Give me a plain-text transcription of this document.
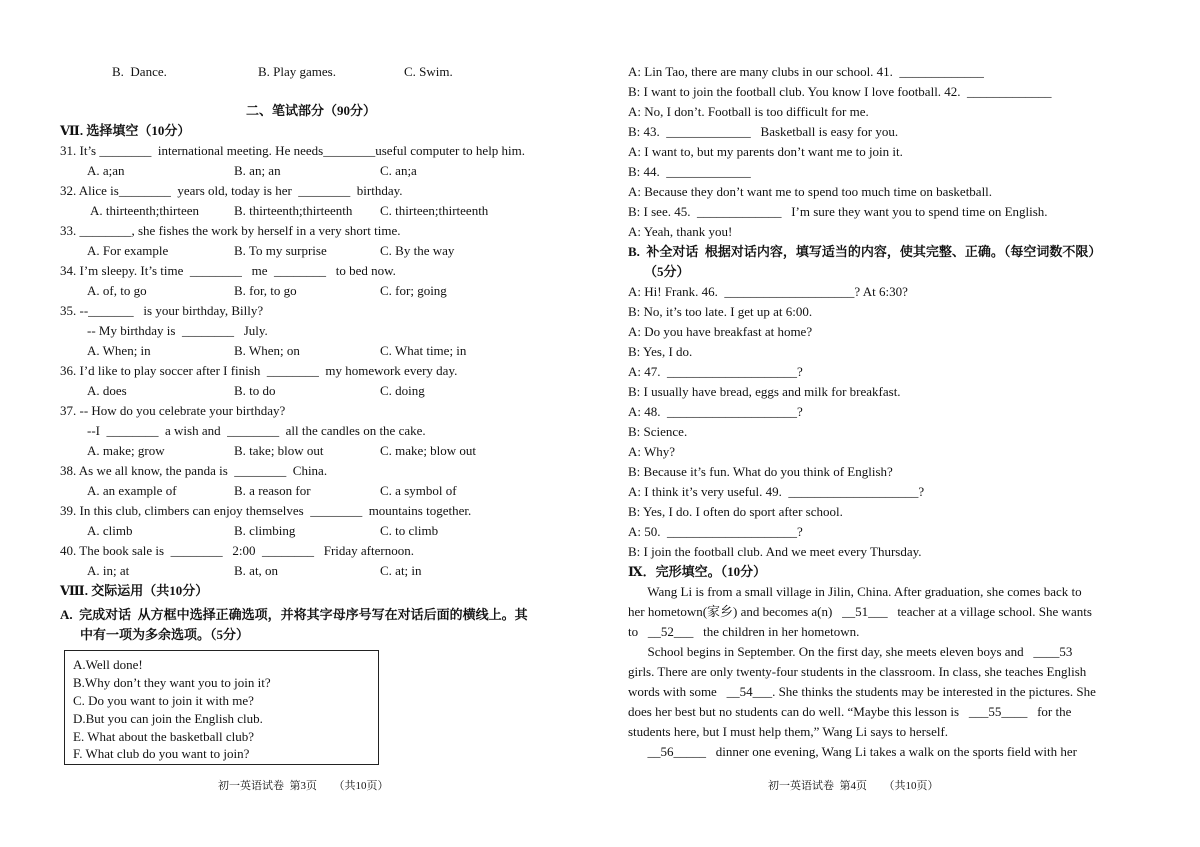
B.  Dance.	B. Play games.	C. Swim.
二、笔试部分（90分）
Ⅶ. 选择填空（10分）
31. It’s ________  international meeting. He needs________useful computer to help him.
A. a;an	B. an; an	C. an;a
32. Alice is________  years old, today is her  ________  birthday.
A. thirteenth;thirteen	B. thirteenth;thirteenth C. thirteen;thirteenth
33. ________, she fishes the work by herself in a very short time.
A. For example	B. To my surprise	C. By the way
34. I’m sleepy. It’s time  ________   me  ________   to bed now.
A. of, to go	B. for, to go	C. for; going
35. --_______   is your birthday, Billy?
-- My birthday is  ________   July.
A. When; in	B. When; on	C. What time; in
36. I’d like to play soccer after I finish  ________  my homework every day.
A. does	B. to do	C. doing
37. -- How do you celebrate your birthday?
--I  ________  a wish and  ________  all the candles on the cake.
A. make; grow	B. take; blow out	C. make; blow out
38. As we all know, the panda is  ________  China.
A. an example of	B. a reason for	C. a symbol of
39. In this club, climbers can enjoy themselves  ________  mountains together.
A. climb	B. climbing	C. to climb
40. The book sale is  ________   2:00  ________   Friday afternoon.
A. in; at	B. at, on	C. at; in
Ⅷ. 交际运用（共10分）
A.  完成对话  从方框中选择正确选项，并将其字母序号写在对话后面的横线上。其
中有一项为多余选项。（5分）
A.Well done!
B.Why don’t they want you to join it?
C. Do you want to join it with me?
D.But you can join the English club.
E. What about the basketball club?
F. What club do you want to join?
初一英语试卷  第3页      （共10页）
A: Lin Tao, there are many clubs in our school. 41.  _____________
B: I want to join the football club. You know I love football. 42.  _____________
A: No, I don’t. Football is too difficult for me.
B: 43.  _____________   Basketball is easy for you.
A: I want to, but my parents don’t want me to join it.
B: 44.  _____________
A: Because they don’t want me to spend too much time on basketball.
B: I see. 45.  _____________   I’m sure they want you to spend time on English.
A: Yeah, thank you!
B.  补全对话  根据对话内容，填写适当的内容，使其完整、正确。（每空词数不限）
（5分）
A: Hi! Frank. 46.  ____________________? At 6:30?
B: No, it’s too late. I get up at 6:00.
A: Do you have breakfast at home?
B: Yes, I do.
A: 47.  ____________________?
B: I usually have bread, eggs and milk for breakfast.
A: 48.  ____________________?
B: Science.
A: Why?
B: Because it’s fun. What do you think of English?
A: I think it’s very useful. 49.  ____________________?
B: Yes, I do. I often do sport after school.
A: 50.  ____________________?
B: I join the football club. And we meet every Thursday.
Ⅸ．完形填空。（10分）
Wang Li is from a small village in Jilin, China. After graduation, she comes back to
her hometown(家乡) and becomes a(n)   __51___   teacher at a village school. She wants
to   __52___   the children in her hometown.
School begins in September. On the first day, she meets eleven boys and   ____53
girls. There are only twenty-four students in the classroom. In class, she teaches English
words with some   __54___. She thinks the students may be interested in the pictures. She
does her best but no students can do well. “Maybe this lesson is   ___55____   for the
students here, but I must help them,” Wang Li says to herself.
__56_____   dinner one evening, Wang Li takes a walk on the sports field with her
初一英语试卷  第4页      （共10页）
